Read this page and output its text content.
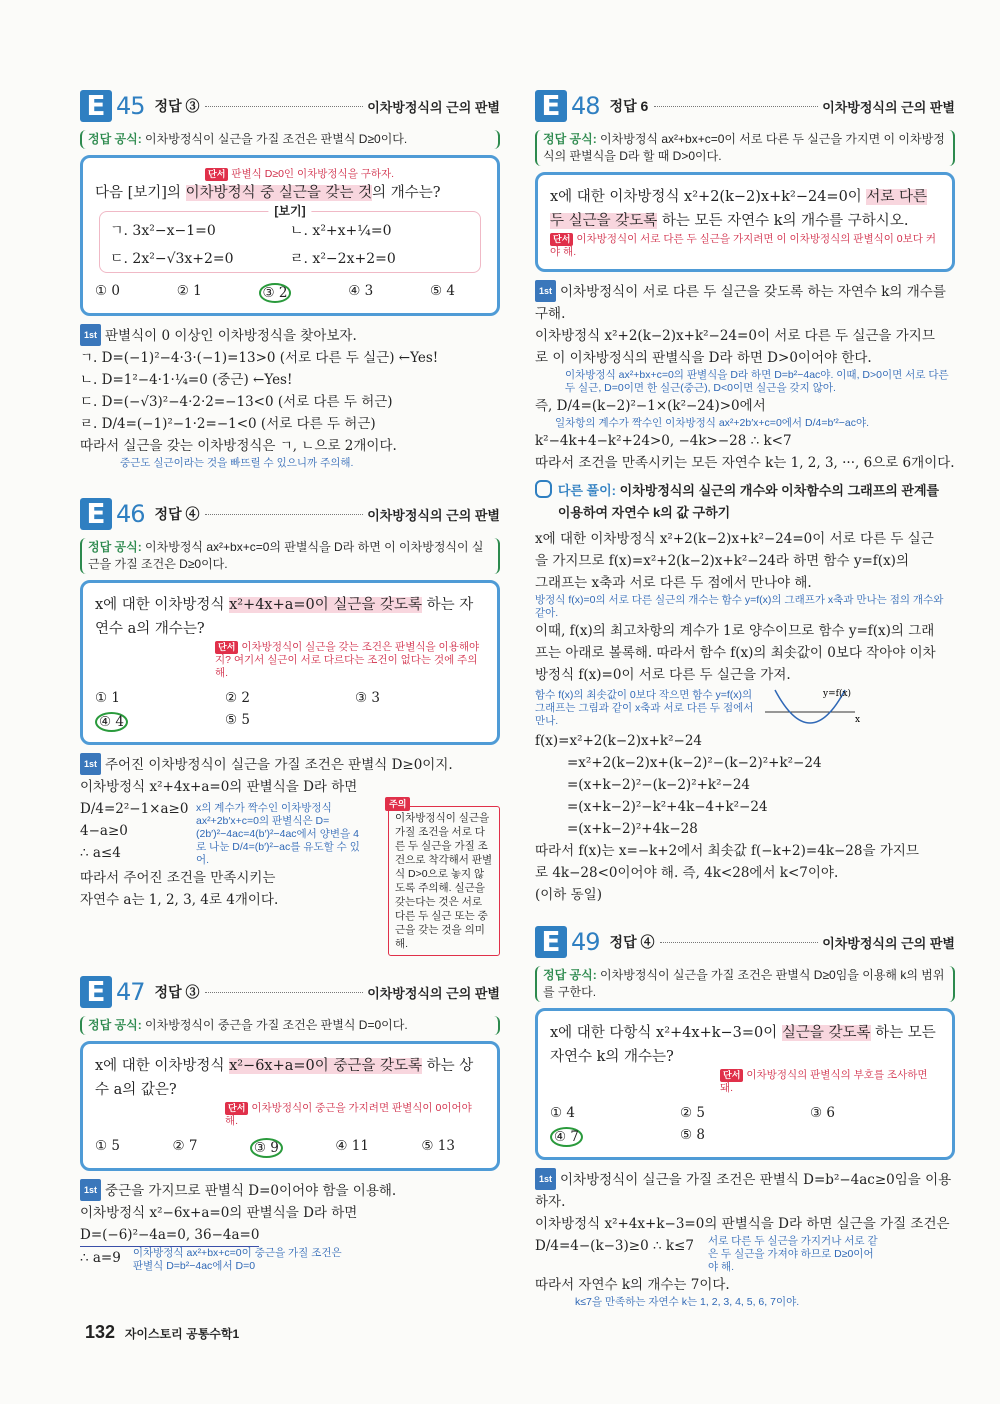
E 45 정답 ③	이차방정식의 근의 판별
정답 공식: 이차방정식이 실근을 가질 조건은 판별식 D≥0이다.
단서 판별식 D≥0인 이차방정식을 구하자.
다음 [보기]의 이차방정식 중 실근을 갖는 것의 개수는?
[보기]
ㄱ. 3x²−x−1=0	ㄴ. x²+x+¼=0
ㄷ. 2x²−√3x+2=0	ㄹ. x²−2x+2=0
① 0	② 1	③ 2	④ 3	⑤ 4
1st 판별식이 0 이상인 이차방정식을 찾아보자.
ㄱ. D=(−1)²−4·3·(−1)=13>0 (서로 다른 두 실근) ←Yes!
ㄴ. D=1²−4·1·¼=0 (중근) ←Yes!
ㄷ. D=(−√3)²−4·2·2=−13<0 (서로 다른 두 허근)
ㄹ. D/4=(−1)²−1·2=−1<0 (서로 다른 두 허근)
따라서 실근을 갖는 이차방정식은 ㄱ, ㄴ으로 2개이다.
중근도 실근이라는 것을 빠뜨릴 수 있으니까 주의해.
E 46 정답 ④	이차방정식의 근의 판별
정답 공식: 이차방정식 ax²+bx+c=0의 판별식을 D라 하면 이 이차방정식이 실근을 가질 조건은 D≥0이다.
x에 대한 이차방정식 x²+4x+a=0이 실근을 갖도록 하는 자연수 a의 개수는?
단서 이차방정식이 실근을 갖는 조건은 판별식을 이용해야지? 여기서 실근이 서로 다르다는 조건이 없다는 것에 주의해.
① 1	② 2	③ 3
④ 4	⑤ 5
1st 주어진 이차방정식이 실근을 가질 조건은 판별식 D≥0이지.
이차방정식 x²+4x+a=0의 판별식을 D라 하면
D/4=2²−1×a≥0
4−a≥0
∴ a≤4
x의 계수가 짝수인 이차방정식 ax²+2b′x+c=0의 판별식은 D=(2b′)²−4ac=4(b′)²−4ac에서 양변을 4로 나눈 D/4=(b′)²−ac를 유도할 수 있어.
따라서 주어진 조건을 만족시키는
자연수 a는 1, 2, 3, 4로 4개이다.
주의
이차방정식이 실근을 가질 조건을 서로 다른 두 실근을 가질 조건으로 착각해서 판별식 D>0으로 놓지 않도록 주의해. 실근을 갖는다는 것은 서로 다른 두 실근 또는 중근을 갖는 것을 의미해.
E 47 정답 ③	이차방정식의 근의 판별
정답 공식: 이차방정식이 중근을 가질 조건은 판별식 D=0이다.
x에 대한 이차방정식 x²−6x+a=0이 중근을 갖도록 하는 상수 a의 값은?
단서 이차방정식이 중근을 가지려면 판별식이 0이어야 해.
① 5	② 7	③ 9	④ 11	⑤ 13
1st 중근을 가지므로 판별식 D=0이어야 함을 이용해.
이차방정식 x²−6x+a=0의 판별식을 D라 하면
D=(−6)²−4a=0, 36−4a=0
∴ a=9 이차방정식 ax²+bx+c=0이 중근을 가질 조건은 판별식 D=b²−4ac에서 D=0
E 48 정답 6	이차방정식의 근의 판별
정답 공식: 이차방정식 ax²+bx+c=0이 서로 다른 두 실근을 가지면 이 이차방정식의 판별식을 D라 할 때 D>0이다.
x에 대한 이차방정식 x²+2(k−2)x+k²−24=0이 서로 다른 두 실근을 갖도록 하는 모든 자연수 k의 개수를 구하시오.
단서 이차방정식이 서로 다른 두 실근을 가지려면 이 이차방정식의 판별식이 0보다 커야 해.
1st 이차방정식이 서로 다른 두 실근을 갖도록 하는 자연수 k의 개수를 구해.
이차방정식 x²+2(k−2)x+k²−24=0이 서로 다른 두 실근을 가지므
로 이 이차방정식의 판별식을 D라 하면 D>0이어야 한다.
이차방정식 ax²+bx+c=0의 판별식을 D라 하면 D=b²−4ac야. 이때, D>0이면 서로 다른 두 실근, D=0이면 한 실근(중근), D<0이면 실근을 갖지 않아.
즉, D/4=(k−2)²−1×(k²−24)>0에서
일차항의 계수가 짝수인 이차방정식 ax²+2b′x+c=0에서 D/4=b′²−ac야.
k²−4k+4−k²+24>0, −4k>−28 ∴ k<7
따라서 조건을 만족시키는 모든 자연수 k는 1, 2, 3, ···, 6으로 6개이다.
다른 풀이: 이차방정식의 실근의 개수와 이차함수의 그래프의 관계를 이용하여 자연수 k의 값 구하기
x에 대한 이차방정식 x²+2(k−2)x+k²−24=0이 서로 다른 두 실근
을 가지므로 f(x)=x²+2(k−2)x+k²−24라 하면 함수 y=f(x)의
그래프는 x축과 서로 다른 두 점에서 만나야 해.
방정식 f(x)=0의 서로 다른 실근의 개수는 함수 y=f(x)의 그래프가 x축과 만나는 점의 개수와 같아.
이때, f(x)의 최고차항의 계수가 1로 양수이므로 함수 y=f(x)의 그래
프는 아래로 볼록해. 따라서 함수 f(x)의 최솟값이 0보다 작아야 이차
방정식 f(x)=0이 서로 다른 두 실근을 가져.
함수 f(x)의 최솟값이 0보다 작으면 함수 y=f(x)의 그래프는 그림과 같이 x축과 서로 다른 두 점에서 만나.
y=f(x)
x
f(x)=x²+2(k−2)x+k²−24
=x²+2(k−2)x+(k−2)²−(k−2)²+k²−24
=(x+k−2)²−(k−2)²+k²−24
=(x+k−2)²−k²+4k−4+k²−24
=(x+k−2)²+4k−28
따라서 f(x)는 x=−k+2에서 최솟값 f(−k+2)=4k−28을 가지므
로 4k−28<0이어야 해. 즉, 4k<28에서 k<7이야.
(이하 동일)
E 49 정답 ④	이차방정식의 근의 판별
정답 공식: 이차방정식이 실근을 가질 조건은 판별식 D≥0임을 이용해 k의 범위를 구한다.
x에 대한 다항식 x²+4x+k−3=0이 실근을 갖도록 하는 모든 자연수 k의 개수는?
단서 이차방정식의 판별식의 부호를 조사하면 돼.
① 4	② 5	③ 6
④ 7	⑤ 8
1st 이차방정식이 실근을 가질 조건은 판별식 D=b²−4ac≥0임을 이용하자.
이차방정식 x²+4x+k−3=0의 판별식을 D라 하면 실근을 가질 조건은
D/4=4−(k−3)≥0 ∴ k≤7 서로 다른 두 실근을 가지거나 서로 같은 두 실근을 가져야 하므로 D≥0이어야 해.
따라서 자연수 k의 개수는 7이다.
k≤7을 만족하는 자연수 k는 1, 2, 3, 4, 5, 6, 7이야.
132 자이스토리 공통수학1
